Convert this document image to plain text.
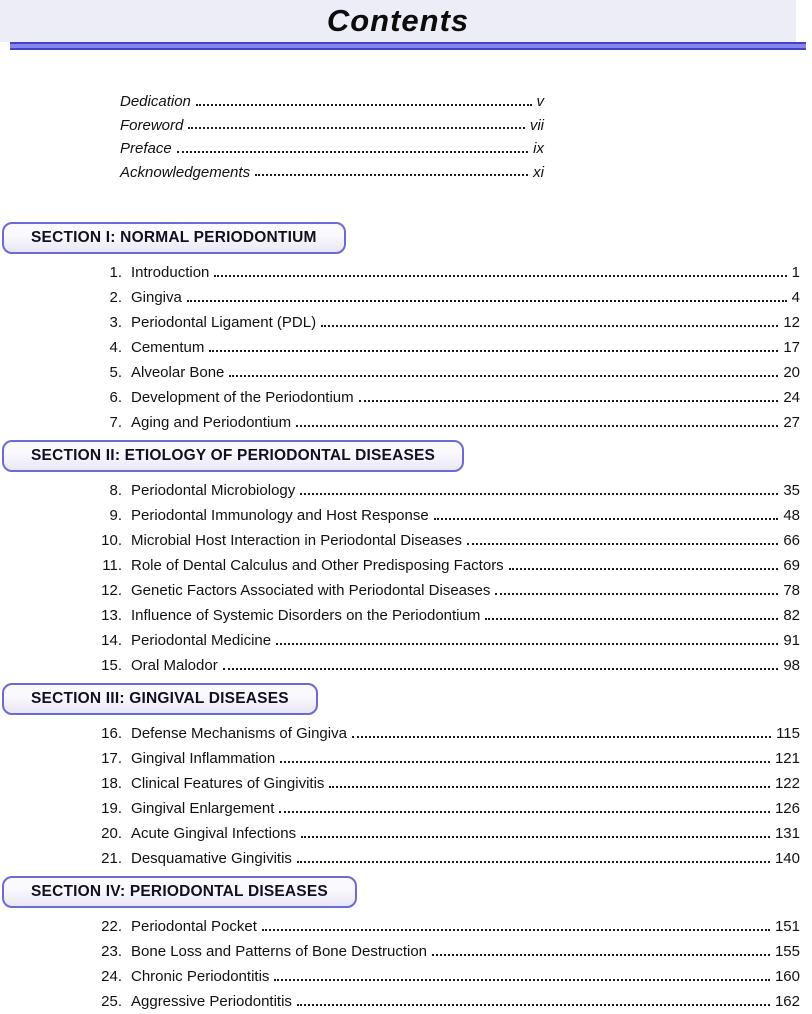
Contents
Dedication	v
Foreword	vii
Preface	ix
Acknowledgements	xi
SECTION I: NORMAL PERIODONTIUM
1. Introduction	1
2. Gingiva	4
3. Periodontal Ligament (PDL)	12
4. Cementum	17
5. Alveolar Bone	20
6. Development of the Periodontium	24
7. Aging and Periodontium	27
SECTION II: ETIOLOGY OF PERIODONTAL DISEASES
8. Periodontal Microbiology	35
9. Periodontal Immunology and Host Response	48
10. Microbial Host Interaction in Periodontal Diseases	66
11. Role of Dental Calculus and Other Predisposing Factors	69
12. Genetic Factors Associated with Periodontal Diseases	78
13. Influence of Systemic Disorders on the Periodontium	82
14. Periodontal Medicine	91
15. Oral Malodor	98
SECTION III: GINGIVAL DISEASES
16. Defense Mechanisms of Gingiva	115
17. Gingival Inflammation	121
18. Clinical Features of Gingivitis	122
19. Gingival Enlargement	126
20. Acute Gingival Infections	131
21. Desquamative Gingivitis	140
SECTION IV: PERIODONTAL DISEASES
22. Periodontal Pocket	151
23. Bone Loss and Patterns of Bone Destruction	155
24. Chronic Periodontitis	160
25. Aggressive Periodontitis	162
